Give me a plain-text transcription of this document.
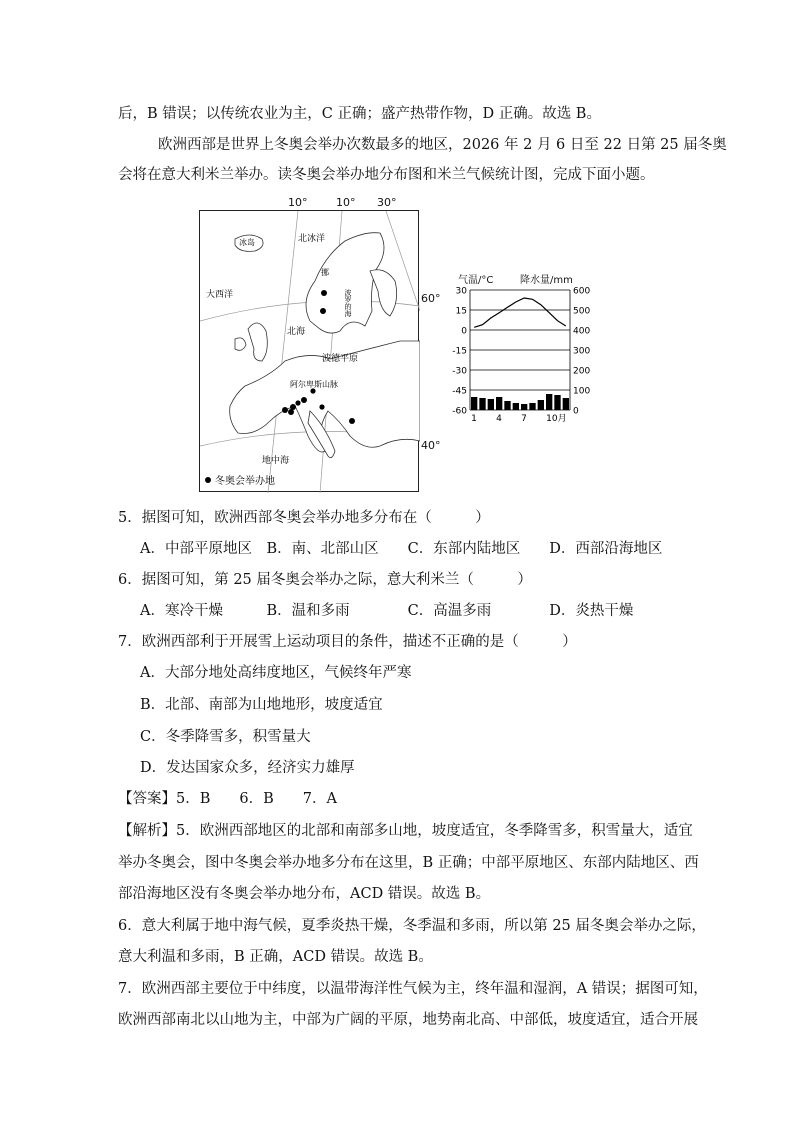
后，B 错误；以传统农业为主，C 正确；盛产热带作物，D 正确。故选 B。
欧洲西部是世界上冬奥会举办次数最多的地区，2026 年 2 月 6 日至 22 日第 25 届冬奥
会将在意大利米兰举办。读冬奥会举办地分布图和米兰气候统计图，完成下面小题。
冰岛	北冰洋
大西洋
北海
波德平原
阿尔卑斯山脉
地中海
挪
波罗的海
冬奥会举办地
10°	10° 30°
60°
40°
气温/°C	降水量/mm
30	600
15	500
0	400
-15	300
-30	200
-45	100
-60	0
1 4 7 10月
5．据图可知，欧洲西部冬奥会举办地多分布在（　　　）
A．中部平原地区　B．南、北部山区　　C．东部内陆地区　　D．西部沿海地区
6．据图可知，第 25 届冬奥会举办之际，意大利米兰（　　　）
A．寒冷干燥　　　B．温和多雨　　　　C．高温多雨　　　　D．炎热干燥
7．欧洲西部利于开展雪上运动项目的条件，描述不正确的是（　　　）
A．大部分地处高纬度地区，气候终年严寒
B．北部、南部为山地地形，坡度适宜
C．冬季降雪多，积雪量大
D．发达国家众多，经济实力雄厚
【答案】5．B　　6．B　　7．A
【解析】5．欧洲西部地区的北部和南部多山地，坡度适宜，冬季降雪多，积雪量大，适宜
举办冬奥会，图中冬奥会举办地多分布在这里，B 正确；中部平原地区、东部内陆地区、西
部沿海地区没有冬奥会举办地分布，ACD 错误。故选 B。
6．意大利属于地中海气候，夏季炎热干燥，冬季温和多雨，所以第 25 届冬奥会举办之际，
意大利温和多雨，B 正确，ACD 错误。故选 B。
7．欧洲西部主要位于中纬度，以温带海洋性气候为主，终年温和湿润，A 错误；据图可知，
欧洲西部南北以山地为主，中部为广阔的平原，地势南北高、中部低，坡度适宜，适合开展
